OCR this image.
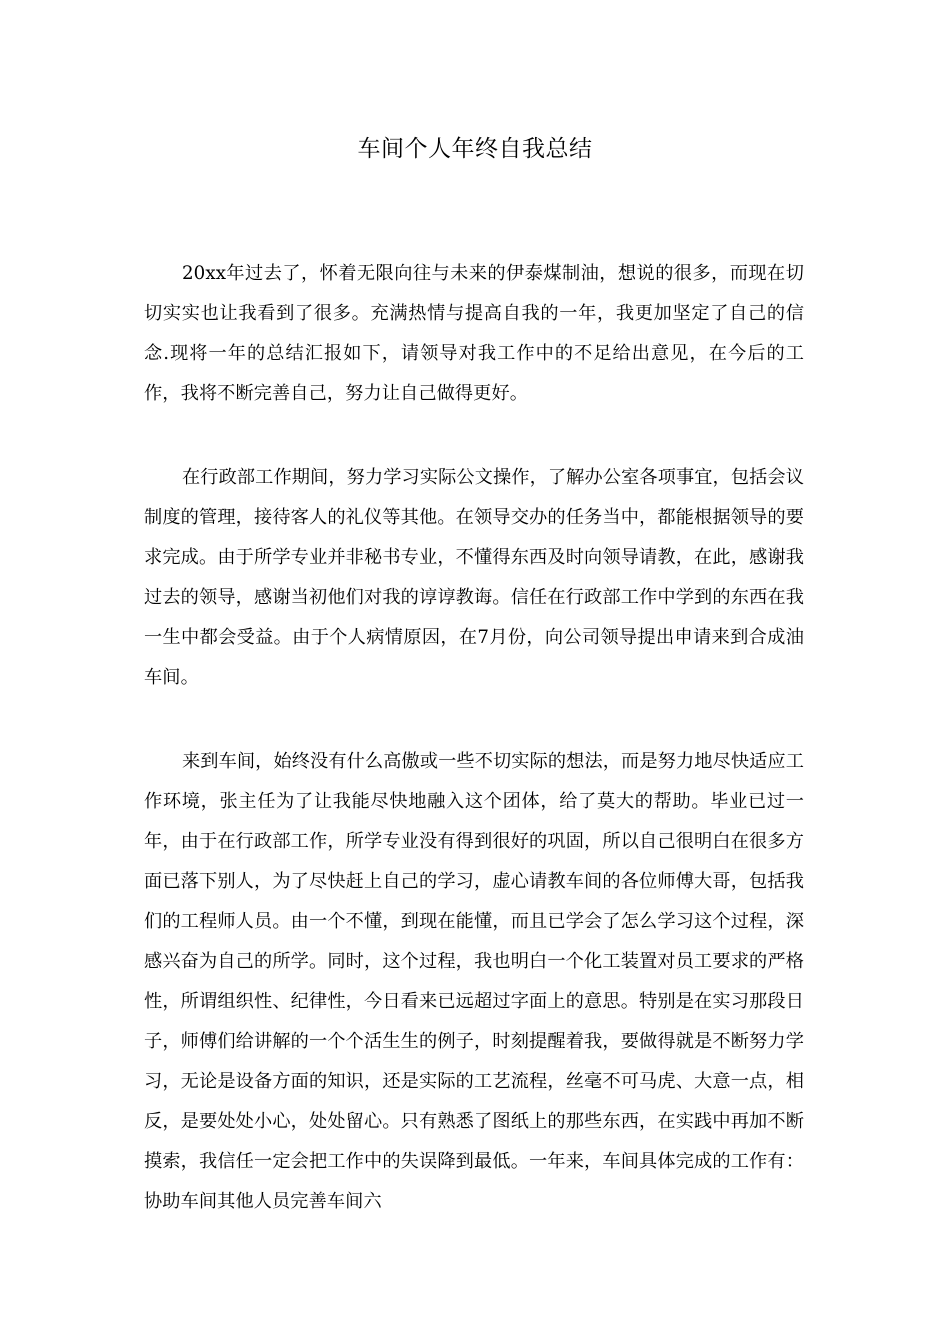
车间个人年终自我总结

20xx年过去了，怀着无限向往与未来的伊泰煤制油，想说的很多，而现在切切实实也让我看到了很多。充满热情与提高自我的一年，我更加坚定了自己的信念.现将一年的总结汇报如下，请领导对我工作中的不足给出意见，在今后的工作，我将不断完善自己，努力让自己做得更好。

在行政部工作期间，努力学习实际公文操作，了解办公室各项事宜，包括会议制度的管理，接待客人的礼仪等其他。在领导交办的任务当中，都能根据领导的要求完成。由于所学专业并非秘书专业，不懂得东西及时向领导请教，在此，感谢我过去的领导，感谢当初他们对我的谆谆教诲。信任在行政部工作中学到的东西在我一生中都会受益。由于个人病情原因，在7月份，向公司领导提出申请来到合成油车间。

来到车间，始终没有什么高傲或一些不切实际的想法，而是努力地尽快适应工作环境，张主任为了让我能尽快地融入这个团体，给了莫大的帮助。毕业已过一年，由于在行政部工作，所学专业没有得到很好的巩固，所以自己很明白在很多方面已落下别人，为了尽快赶上自己的学习，虚心请教车间的各位师傅大哥，包括我们的工程师人员。由一个不懂，到现在能懂，而且已学会了怎么学习这个过程，深感兴奋为自己的所学。同时，这个过程，我也明白一个化工装置对员工要求的严格性，所谓组织性、纪律性，今日看来已远超过字面上的意思。特别是在实习那段日子，师傅们给讲解的一个个活生生的例子，时刻提醒着我，要做得就是不断努力学习，无论是设备方面的知识，还是实际的工艺流程，丝毫不可马虎、大意一点，相反，是要处处小心，处处留心。只有熟悉了图纸上的那些东西，在实践中再加不断摸索，我信任一定会把工作中的失误降到最低。一年来，车间具体完成的工作有：协助车间其他人员完善车间六
